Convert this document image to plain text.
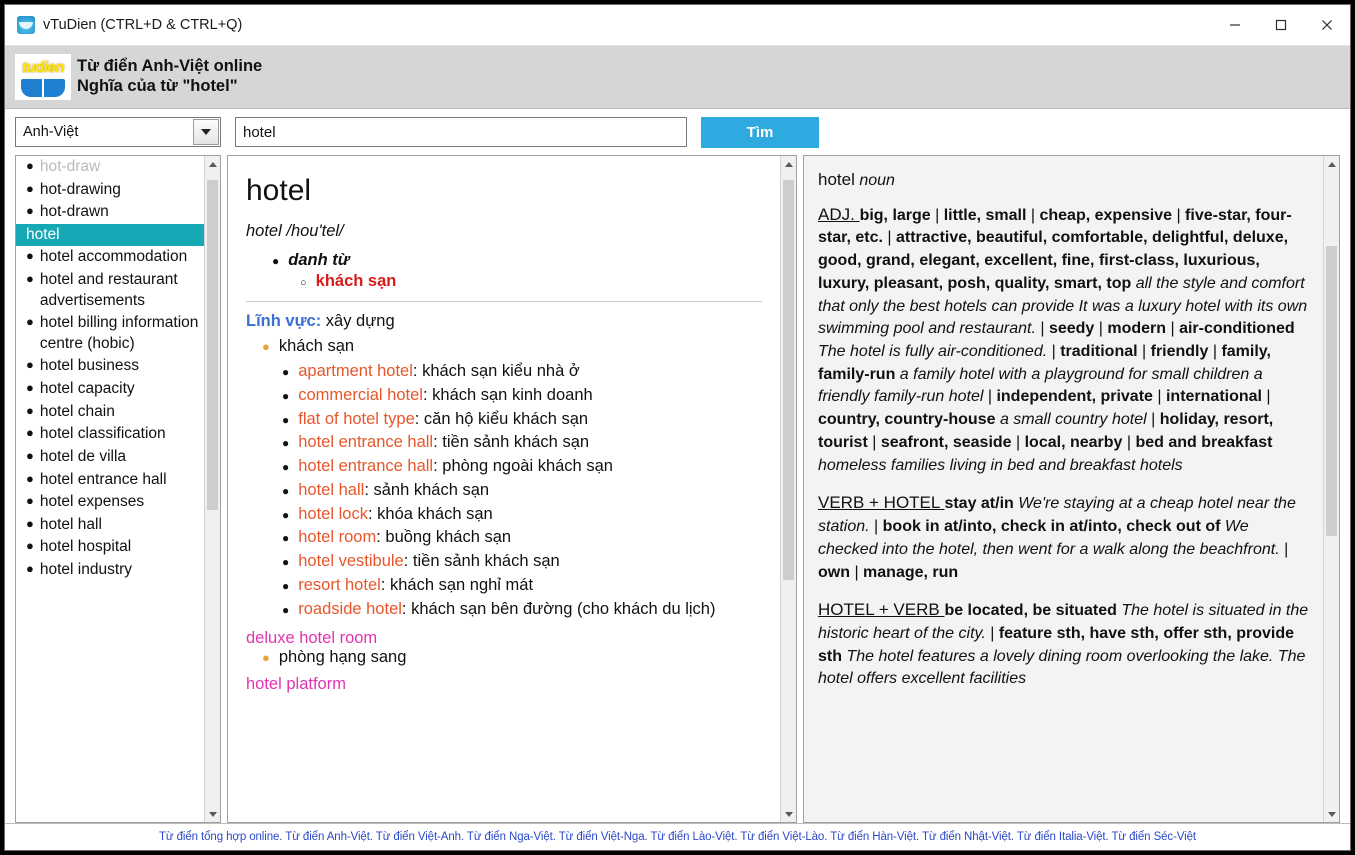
vTuDien (CTRL+D & CTRL+Q)
tudien Từ điển Anh-Việt online
Nghĩa của từ "hotel"
Anh-Việt
hotel	Tìm
● hot-draw
● hot-drawing
● hot-drawn
hotel
● hotel accommodation
● hotel and restaurant advertisements
● hotel billing information centre (hobic)
● hotel business
● hotel capacity
● hotel chain
● hotel classification
● hotel de villa
● hotel entrance hall
● hotel expenses
● hotel hall
● hotel hospital
● hotel industry
hotel
hotel /hou'tel/
● danh từ
○ khách sạn
Lĩnh vực: xây dựng
● khách sạn
● apartment hotel: khách sạn kiểu nhà ở
● commercial hotel: khách sạn kinh doanh
● flat of hotel type: căn hộ kiểu khách sạn
● hotel entrance hall: tiền sảnh khách sạn
● hotel entrance hall: phòng ngoài khách sạn
● hotel hall: sảnh khách sạn
● hotel lock: khóa khách sạn
● hotel room: buồng khách sạn
● hotel vestibule: tiền sảnh khách sạn
● resort hotel: khách sạn nghỉ mát
● roadside hotel: khách sạn bên đường (cho khách du lịch)
deluxe hotel room
● phòng hạng sang
hotel platform
hotel noun
ADJ. big, large | little, small | cheap, expensive | five-star, four-star, etc. | attractive, beautiful, comfortable, delightful, deluxe, good, grand, elegant, excellent, fine, first-class, luxurious, luxury, pleasant, posh, quality, smart, top all the style and comfort that only the best hotels can provide It was a luxury hotel with its own swimming pool and restaurant. | seedy | modern | air-conditioned The hotel is fully air-conditioned. | traditional | friendly | family, family-run a family hotel with a playground for small children a friendly family-run hotel | independent, private | international | country, country-house a small country hotel | holiday, resort, tourist | seafront, seaside | local, nearby | bed and breakfast homeless families living in bed and breakfast hotels
VERB + HOTEL stay at/in We're staying at a cheap hotel near the station. | book in at/into, check in at/into, check out of We checked into the hotel, then went for a walk along the beachfront. | own | manage, run
HOTEL + VERB be located, be situated The hotel is situated in the historic heart of the city. | feature sth, have sth, offer sth, provide sth The hotel features a lovely dining room overlooking the lake. The hotel offers excellent facilities
Từ điển tổng hợp online. Từ điển Anh-Việt. Từ điển Việt-Anh. Từ điển Nga-Việt. Từ điển Việt-Nga. Từ điển Lào-Việt. Từ điển Việt-Lào. Từ điển Hàn-Việt. Từ điển Nhật-Việt. Từ điển Italia-Việt. Từ điển Séc-Việt
